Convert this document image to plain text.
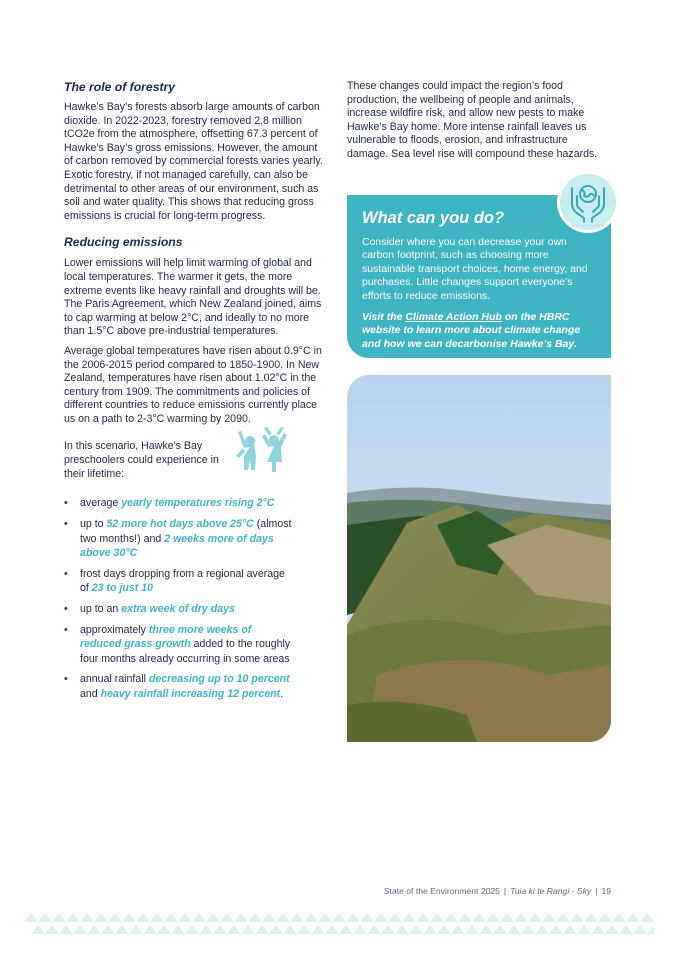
The role of forestry

Hawke’s Bay’s forests absorb large amounts of carbon dioxide. In 2022-2023, forestry removed 2.8 million tCO2e from the atmosphere, offsetting 67.3 percent of Hawke’s Bay’s gross emissions. However, the amount of carbon removed by commercial forests varies yearly. Exotic forestry, if not managed carefully, can also be detrimental to other areas of our environment, such as soil and water quality. This shows that reducing gross emissions is crucial for long-term progress.

Reducing emissions

Lower emissions will help limit warming of global and local temperatures. The warmer it gets, the more extreme events like heavy rainfall and droughts will be. The Paris Agreement, which New Zealand joined, aims to cap warming at below 2°C, and ideally to no more than 1.5°C above pre-industrial temperatures.

Average global temperatures have risen about 0.9°C in the 2006-2015 period compared to 1850-1900. In New Zealand, temperatures have risen about 1.02°C in the century from 1909. The commitments and policies of different countries to reduce emissions currently place us on a path to 2-3°C warming by 2090.

In this scenario, Hawke’s Bay preschoolers could experience in their lifetime:

• average yearly temperatures rising 2°C
• up to 52 more hot days above 25°C (almost two months!) and 2 weeks more of days above 30°C
• frost days dropping from a regional average of 23 to just 10
• up to an extra week of dry days
• approximately three more weeks of reduced grass growth added to the roughly four months already occurring in some areas
• annual rainfall decreasing up to 10 percent and heavy rainfall increasing 12 percent.

These changes could impact the region’s food production, the wellbeing of people and animals, increase wildfire risk, and allow new pests to make Hawke’s Bay home. More intense rainfall leaves us vulnerable to floods, erosion, and infrastructure damage. Sea level rise will compound these hazards.

What can you do?

Consider where you can decrease your own carbon footprint, such as choosing more sustainable transport choices, home energy, and purchases. Little changes support everyone’s efforts to reduce emissions.

Visit the Climate Action Hub on the HBRC website to learn more about climate change and how we can decarbonise Hawke’s Bay.

State of the Environment 2025 | Tuia ki te Rangi - Sky | 19
